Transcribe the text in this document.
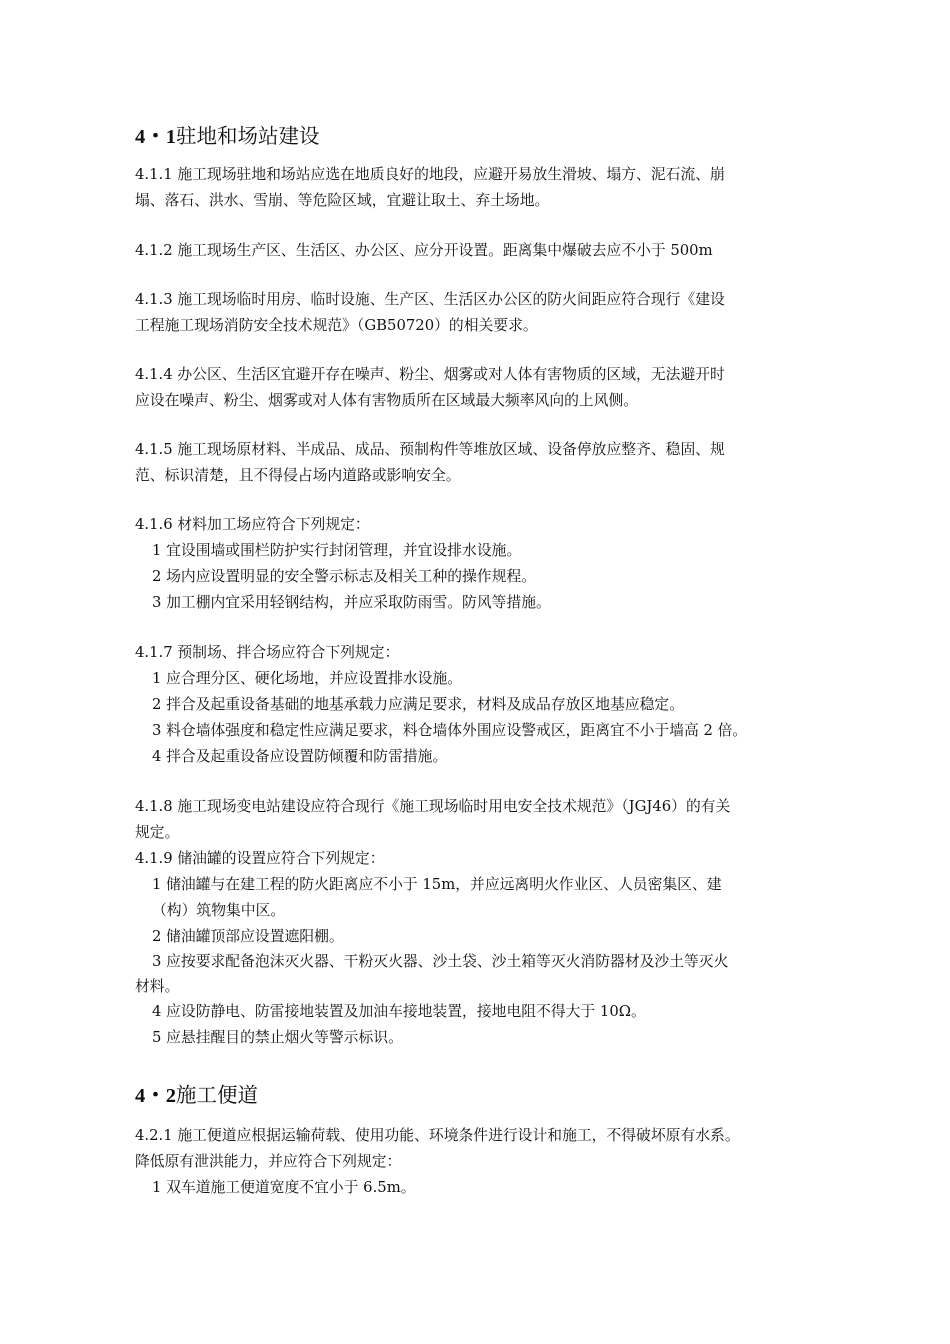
4・1驻地和场站建设

4.1.1 施工现场驻地和场站应选在地质良好的地段，应避开易放生滑坡、塌方、泥石流、崩

塌、落石、洪水、雪崩、等危险区域，宜避让取土、弃土场地。

4.1.2 施工现场生产区、生活区、办公区、应分开设置。距离集中爆破去应不小于 500m

4.1.3 施工现场临时用房、临时设施、生产区、生活区办公区的防火间距应符合现行《建设

工程施工现场消防安全技术规范》（GB50720）的相关要求。

4.1.4 办公区、生活区宜避开存在噪声、粉尘、烟雾或对人体有害物质的区域，无法避开时

应设在噪声、粉尘、烟雾或对人体有害物质所在区域最大频率风向的上风侧。

4.1.5 施工现场原材料、半成品、成品、预制构件等堆放区域、设备停放应整齐、稳固、规

范、标识清楚，且不得侵占场内道路或影响安全。

4.1.6 材料加工场应符合下列规定：

1 宜设围墙或围栏防护实行封闭管理，并宜设排水设施。

2 场内应设置明显的安全警示标志及相关工种的操作规程。

3 加工棚内宜采用轻钢结构，并应采取防雨雪。防风等措施。

4.1.7 预制场、拌合场应符合下列规定：

1 应合理分区、硬化场地，并应设置排水设施。

2 拌合及起重设备基础的地基承载力应满足要求，材料及成品存放区地基应稳定。

3 料仓墙体强度和稳定性应满足要求，料仓墙体外围应设警戒区，距离宜不小于墙高 2 倍。

4 拌合及起重设备应设置防倾覆和防雷措施。

4.1.8 施工现场变电站建设应符合现行《施工现场临时用电安全技术规范》（JGJ46）的有关

规定。

4.1.9 储油罐的设置应符合下列规定：

1 储油罐与在建工程的防火距离应不小于 15m，并应远离明火作业区、人员密集区、建

（构）筑物集中区。

2 储油罐顶部应设置遮阳棚。

3 应按要求配备泡沫灭火器、干粉灭火器、沙土袋、沙土箱等灭火消防器材及沙土等灭火

材料。

4 应设防静电、防雷接地装置及加油车接地装置，接地电阻不得大于 10Ω。

5 应悬挂醒目的禁止烟火等警示标识。

4・2施工便道

4.2.1 施工便道应根据运输荷载、使用功能、环境条件进行设计和施工，不得破坏原有水系。

降低原有泄洪能力，并应符合下列规定：

1 双车道施工便道宽度不宜小于 6.5m。
